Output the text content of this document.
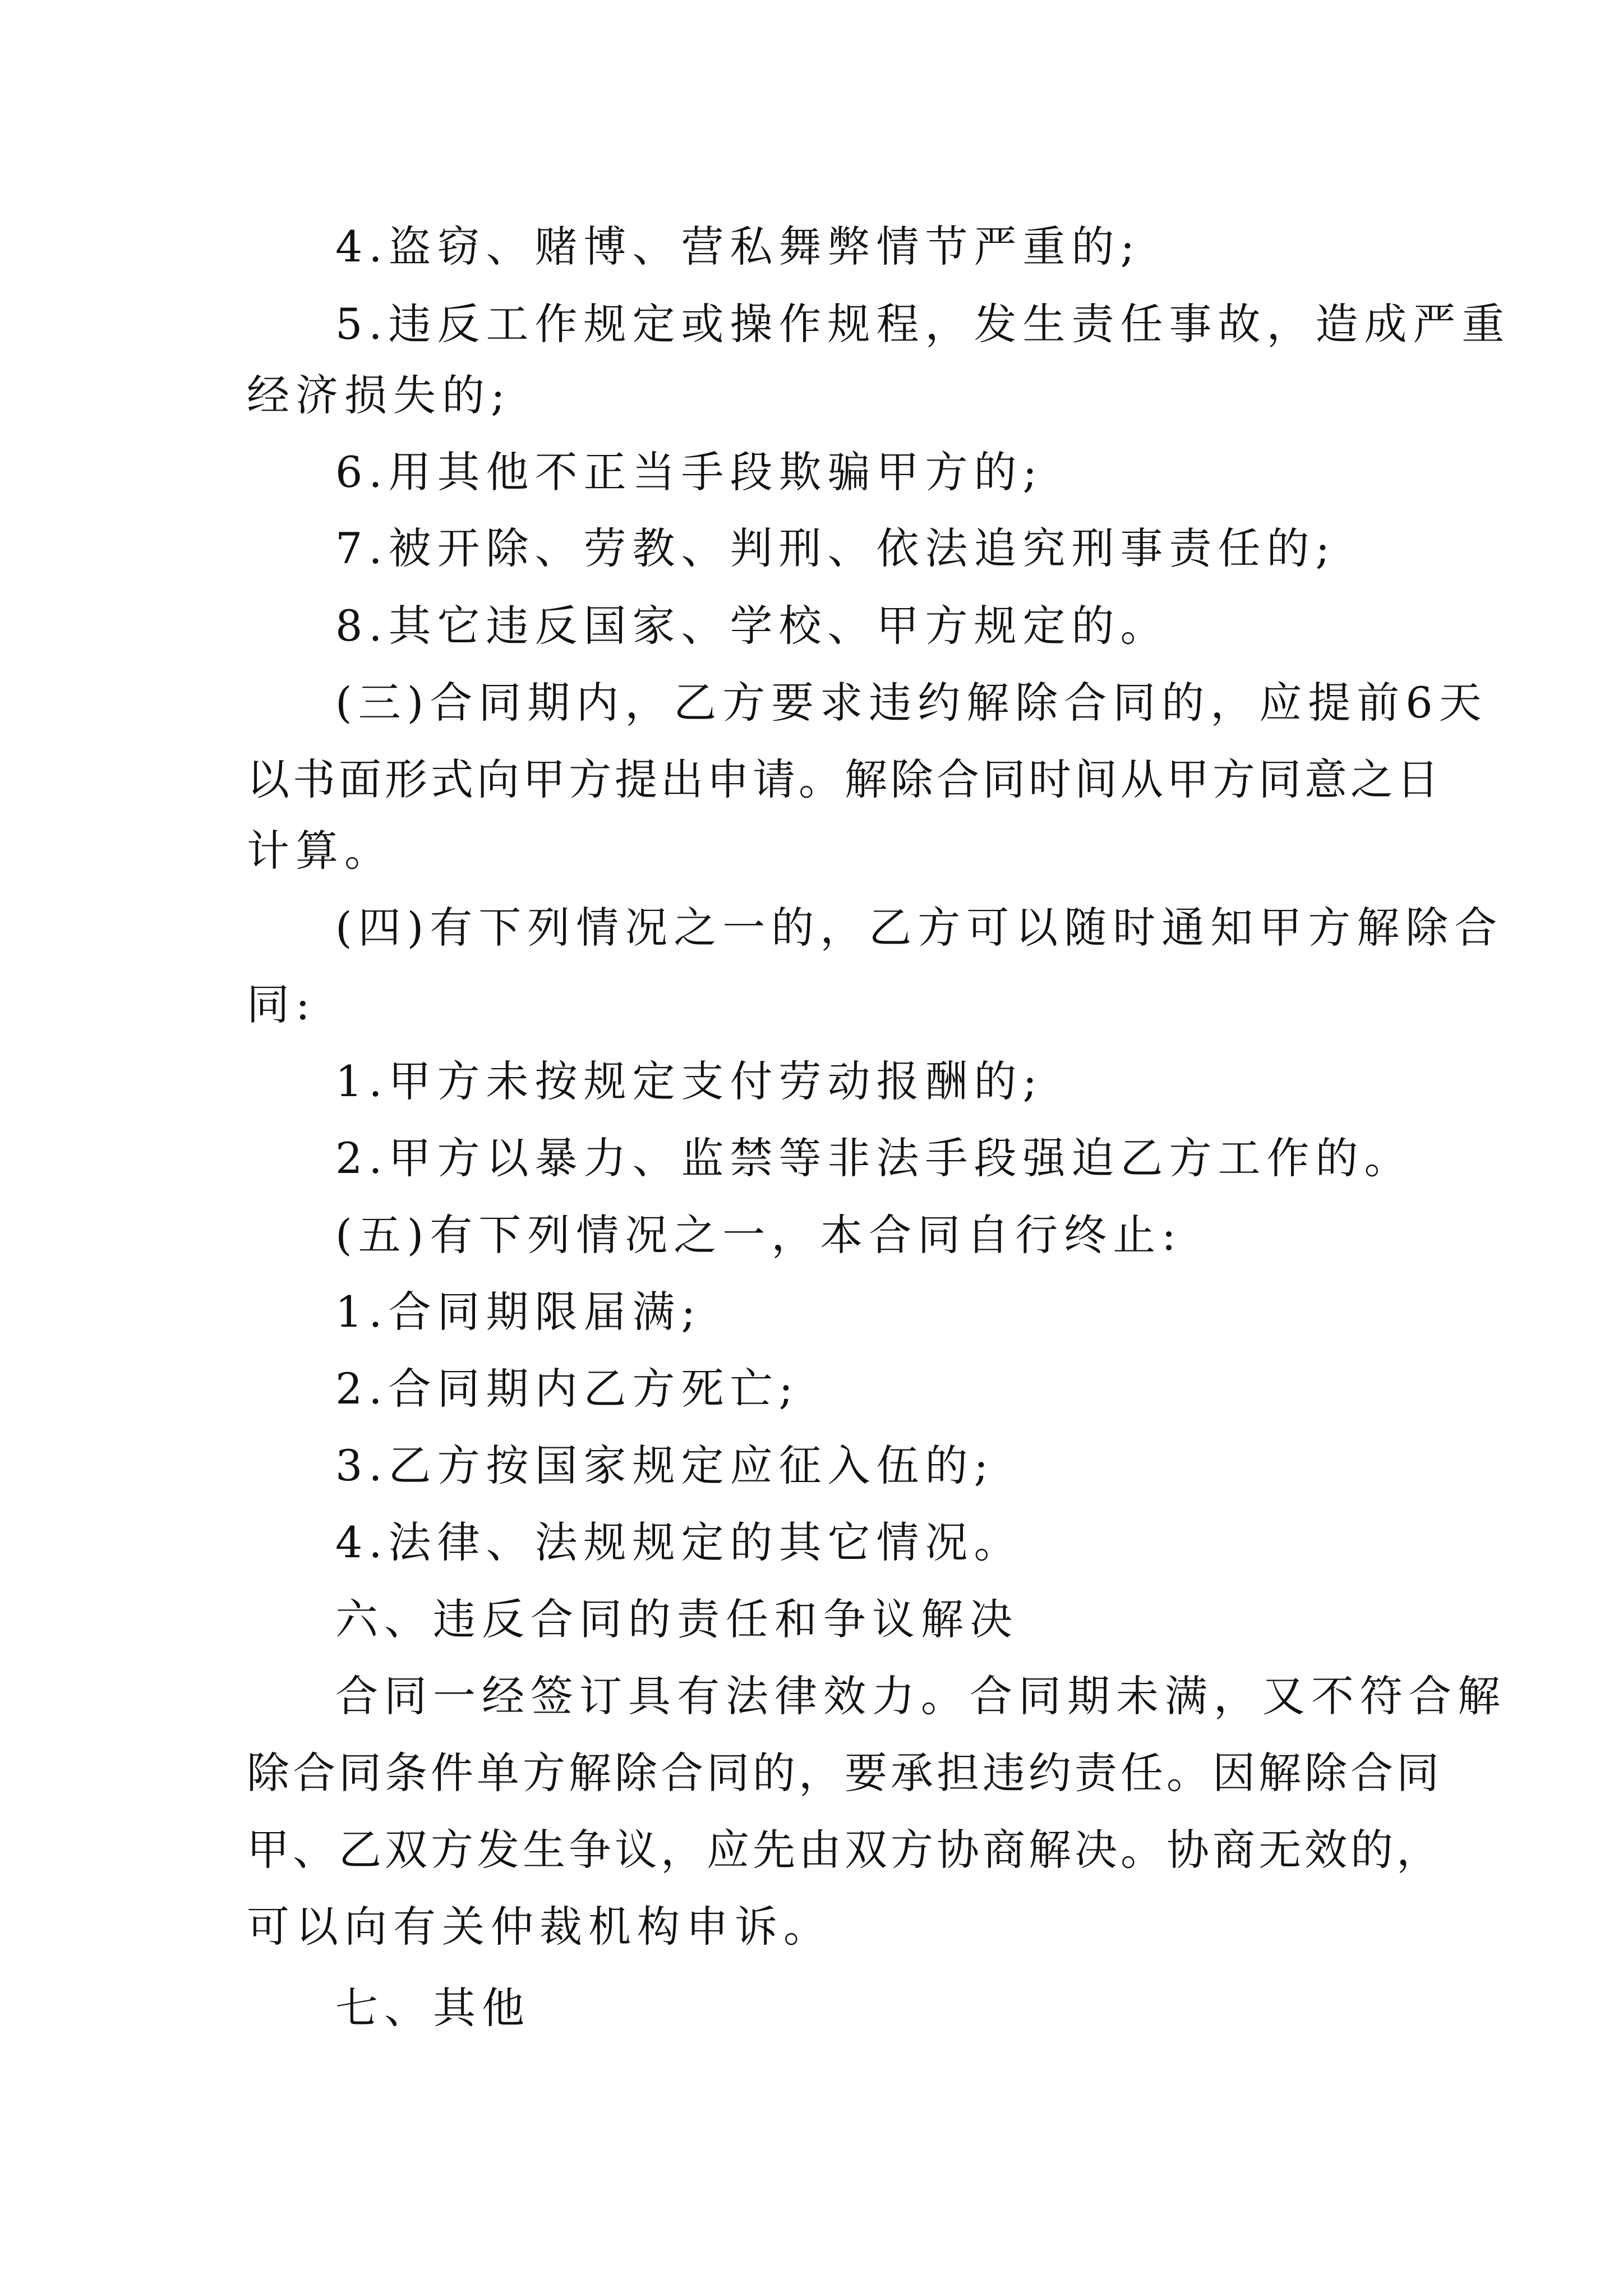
4.盗窃、赌博、营私舞弊情节严重的;
5.违反工作规定或操作规程，发生责任事故，造成严重
经济损失的;
6.用其他不正当手段欺骗甲方的;
7.被开除、劳教、判刑、依法追究刑事责任的;
8.其它违反国家、学校、甲方规定的。
(三)合同期内，乙方要求违约解除合同的，应提前6天
以书面形式向甲方提出申请。解除合同时间从甲方同意之日
计算。
(四)有下列情况之一的，乙方可以随时通知甲方解除合
同:
1.甲方未按规定支付劳动报酬的;
2.甲方以暴力、监禁等非法手段强迫乙方工作的。
(五)有下列情况之一，本合同自行终止:
1.合同期限届满;
2.合同期内乙方死亡;
3.乙方按国家规定应征入伍的;
4.法律、法规规定的其它情况。
六、违反合同的责任和争议解决
合同一经签订具有法律效力。合同期未满，又不符合解
除合同条件单方解除合同的，要承担违约责任。因解除合同
甲、乙双方发生争议，应先由双方协商解决。协商无效的，
可以向有关仲裁机构申诉。
七、其他
